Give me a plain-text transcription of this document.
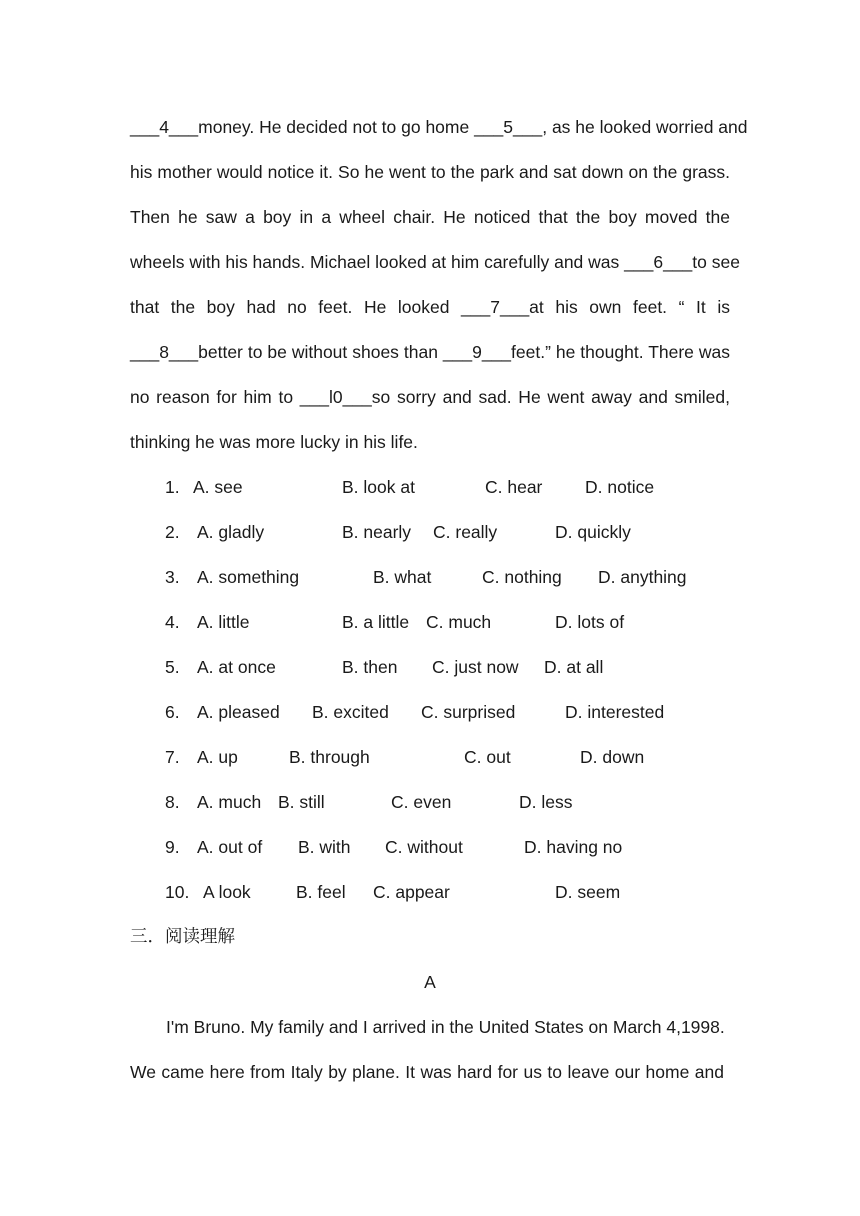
___4___money. He decided not to go home ___5___, as he looked worried and
his mother would notice it. So he went to the park and sat down on the grass.
Then he saw a boy in a wheel chair. He noticed that the boy moved the
wheels with his hands. Michael looked at him carefully and was ___6___to see
that the boy had no feet. He looked ___7___at his own feet. “ It is
___8___better to be without shoes than ___9___feet.” he thought. There was
no reason for him to ___l0___so sorry and sad. He went away and smiled,
thinking he was more lucky in his life.
1. A. see	B. look at	C. hear D. notice
2. A. gladly	B. nearly C. really	D. quickly
3. A. something	B. what	C. nothing D. anything
4. A. little	B. a little C. much	D. lots of
5. A. at once	B. then C. just now D. at all
6. A. pleased B. excited C. surprised	D. interested
7. A. up	B. through	C. out	D. down
8. A. much B. still	C. even	D. less
9. A. out of B. with C. without	D. having no
10. A look	B. feel C. appear	D. seem
三．阅读理解
A
I'm Bruno. My family and I arrived in the United States on March 4,1998.
We came here from Italy by plane. It was hard for us to leave our home and
